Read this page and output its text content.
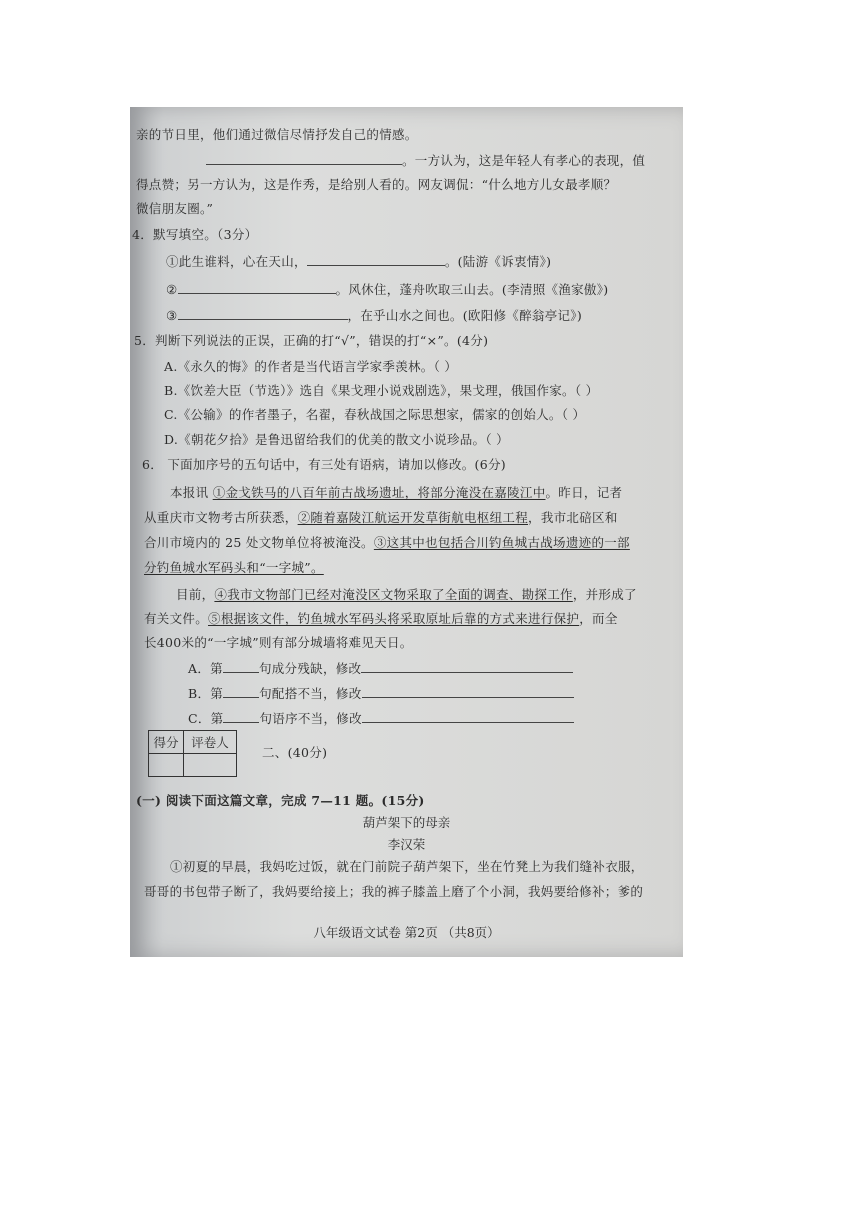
亲的节日里，他们通过微信尽情抒发自己的情感。
。一方认为，这是年轻人有孝心的表现，值
得点赞；另一方认为，这是作秀，是给别人看的。网友调侃：“什么地方儿女最孝顺？
微信朋友圈。”
4．默写填空。（3分）
①此生谁料，心在天山，	。(陆游《诉衷情》)
②	。风休住，蓬舟吹取三山去。(李清照《渔家傲》)
③	，在乎山水之间也。(欧阳修《醉翁亭记》)
5．判断下列说法的正误，正确的打“√”，错误的打“×”。(4分)
A.《永久的悔》的作者是当代语言学家季羡林。（ ）
B.《饮差大臣（节选）》选自《果戈理小说戏剧选》，果戈理，俄国作家。（ ）
C.《公输》的作者墨子，名翟，春秋战国之际思想家，儒家的创始人。（ ）
D.《朝花夕拾》是鲁迅留给我们的优美的散文小说珍品。（ ）
6． 下面加序号的五句话中，有三处有语病，请加以修改。(6分)
本报讯 ①金戈铁马的八百年前古战场遗址，将部分淹没在嘉陵江中。昨日，记者
从重庆市文物考古所获悉，②随着嘉陵江航运开发草街航电枢纽工程，我市北碚区和
合川市境内的 25 处文物单位将被淹没。③这其中也包括合川钓鱼城古战场遗迹的一部
分钓鱼城水军码头和“一字城”。
目前，④我市文物部门已经对淹没区文物采取了全面的调查、勘探工作，并形成了
有关文件。⑤根据该文件，钓鱼城水军码头将采取原址后靠的方式来进行保护，而全
长400米的“一字城”则有部分城墙将难见天日。
A．第	句成分残缺，修改
B．第	句配搭不当，修改
C．第	句语序不当，修改
得分	评卷人

二、(40分)
(一) 阅读下面这篇文章，完成 7—11 题。(15分)
葫芦架下的母亲
李汉荣
①初夏的早晨，我妈吃过饭，就在门前院子葫芦架下，坐在竹凳上为我们缝补衣服，
哥哥的书包带子断了，我妈要给接上；我的裤子膝盖上磨了个小洞，我妈要给修补；爹的
八年级语文试卷 第2页 （共8页）
